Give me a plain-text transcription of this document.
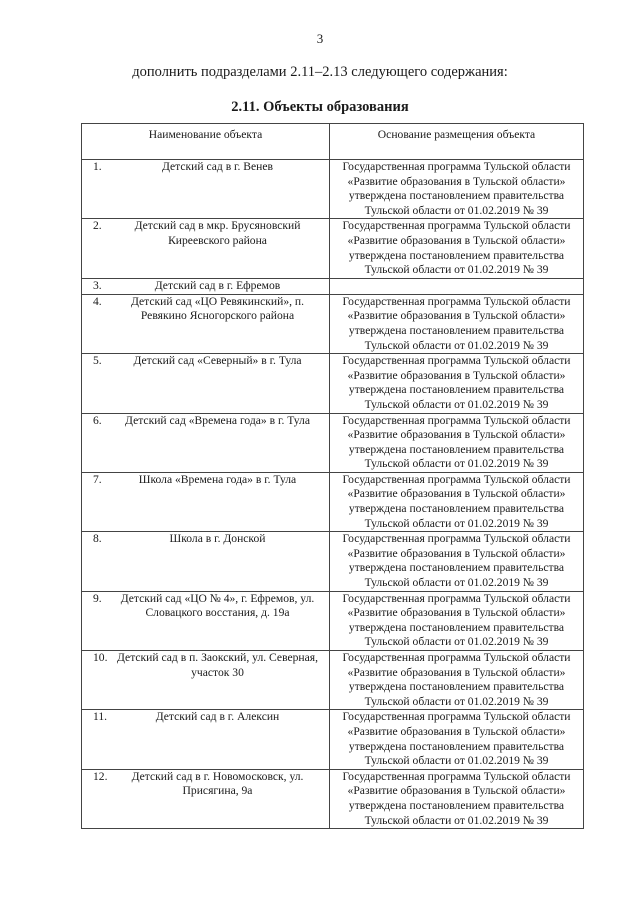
3
дополнить подразделами 2.11–2.13 следующего содержания:
2.11. Объекты образования
Наименование объекта	Основание размещения объекта

1. Детский сад в г. Венев	Государственная программа Тульской области «Развитие образования в Тульской области» утверждена постановлением правительства Тульской области от 01.02.2019 № 39

2. Детский сад в мкр. Брусяновский Киреевского района	Государственная программа Тульской области «Развитие образования в Тульской области» утверждена постановлением правительства Тульской области от 01.02.2019 № 39

3. Детский сад в г. Ефремов	

4. Детский сад «ЦО Ревякинский», п. Ревякино Ясногорского района	Государственная программа Тульской области «Развитие образования в Тульской области» утверждена постановлением правительства Тульской области от 01.02.2019 № 39

5. Детский сад «Северный» в г. Тула	Государственная программа Тульской области «Развитие образования в Тульской области» утверждена постановлением правительства Тульской области от 01.02.2019 № 39

6. Детский сад «Времена года» в г. Тула	Государственная программа Тульской области «Развитие образования в Тульской области» утверждена постановлением правительства Тульской области от 01.02.2019 № 39

7. Школа «Времена года» в г. Тула	Государственная программа Тульской области «Развитие образования в Тульской области» утверждена постановлением правительства Тульской области от 01.02.2019 № 39

8. Школа в г. Донской	Государственная программа Тульской области «Развитие образования в Тульской области» утверждена постановлением правительства Тульской области от 01.02.2019 № 39

9. Детский сад «ЦО № 4», г. Ефремов, ул. Словацкого восстания, д. 19а	Государственная программа Тульской области «Развитие образования в Тульской области» утверждена постановлением правительства Тульской области от 01.02.2019 № 39

10. Детский сад в п. Заокский, ул. Северная, участок 30	Государственная программа Тульской области «Развитие образования в Тульской области» утверждена постановлением правительства Тульской области от 01.02.2019 № 39

11. Детский сад в г. Алексин	Государственная программа Тульской области «Развитие образования в Тульской области» утверждена постановлением правительства Тульской области от 01.02.2019 № 39

12. Детский сад в г. Новомосковск, ул. Присягина, 9а	Государственная программа Тульской области «Развитие образования в Тульской области» утверждена постановлением правительства Тульской области от 01.02.2019 № 39
